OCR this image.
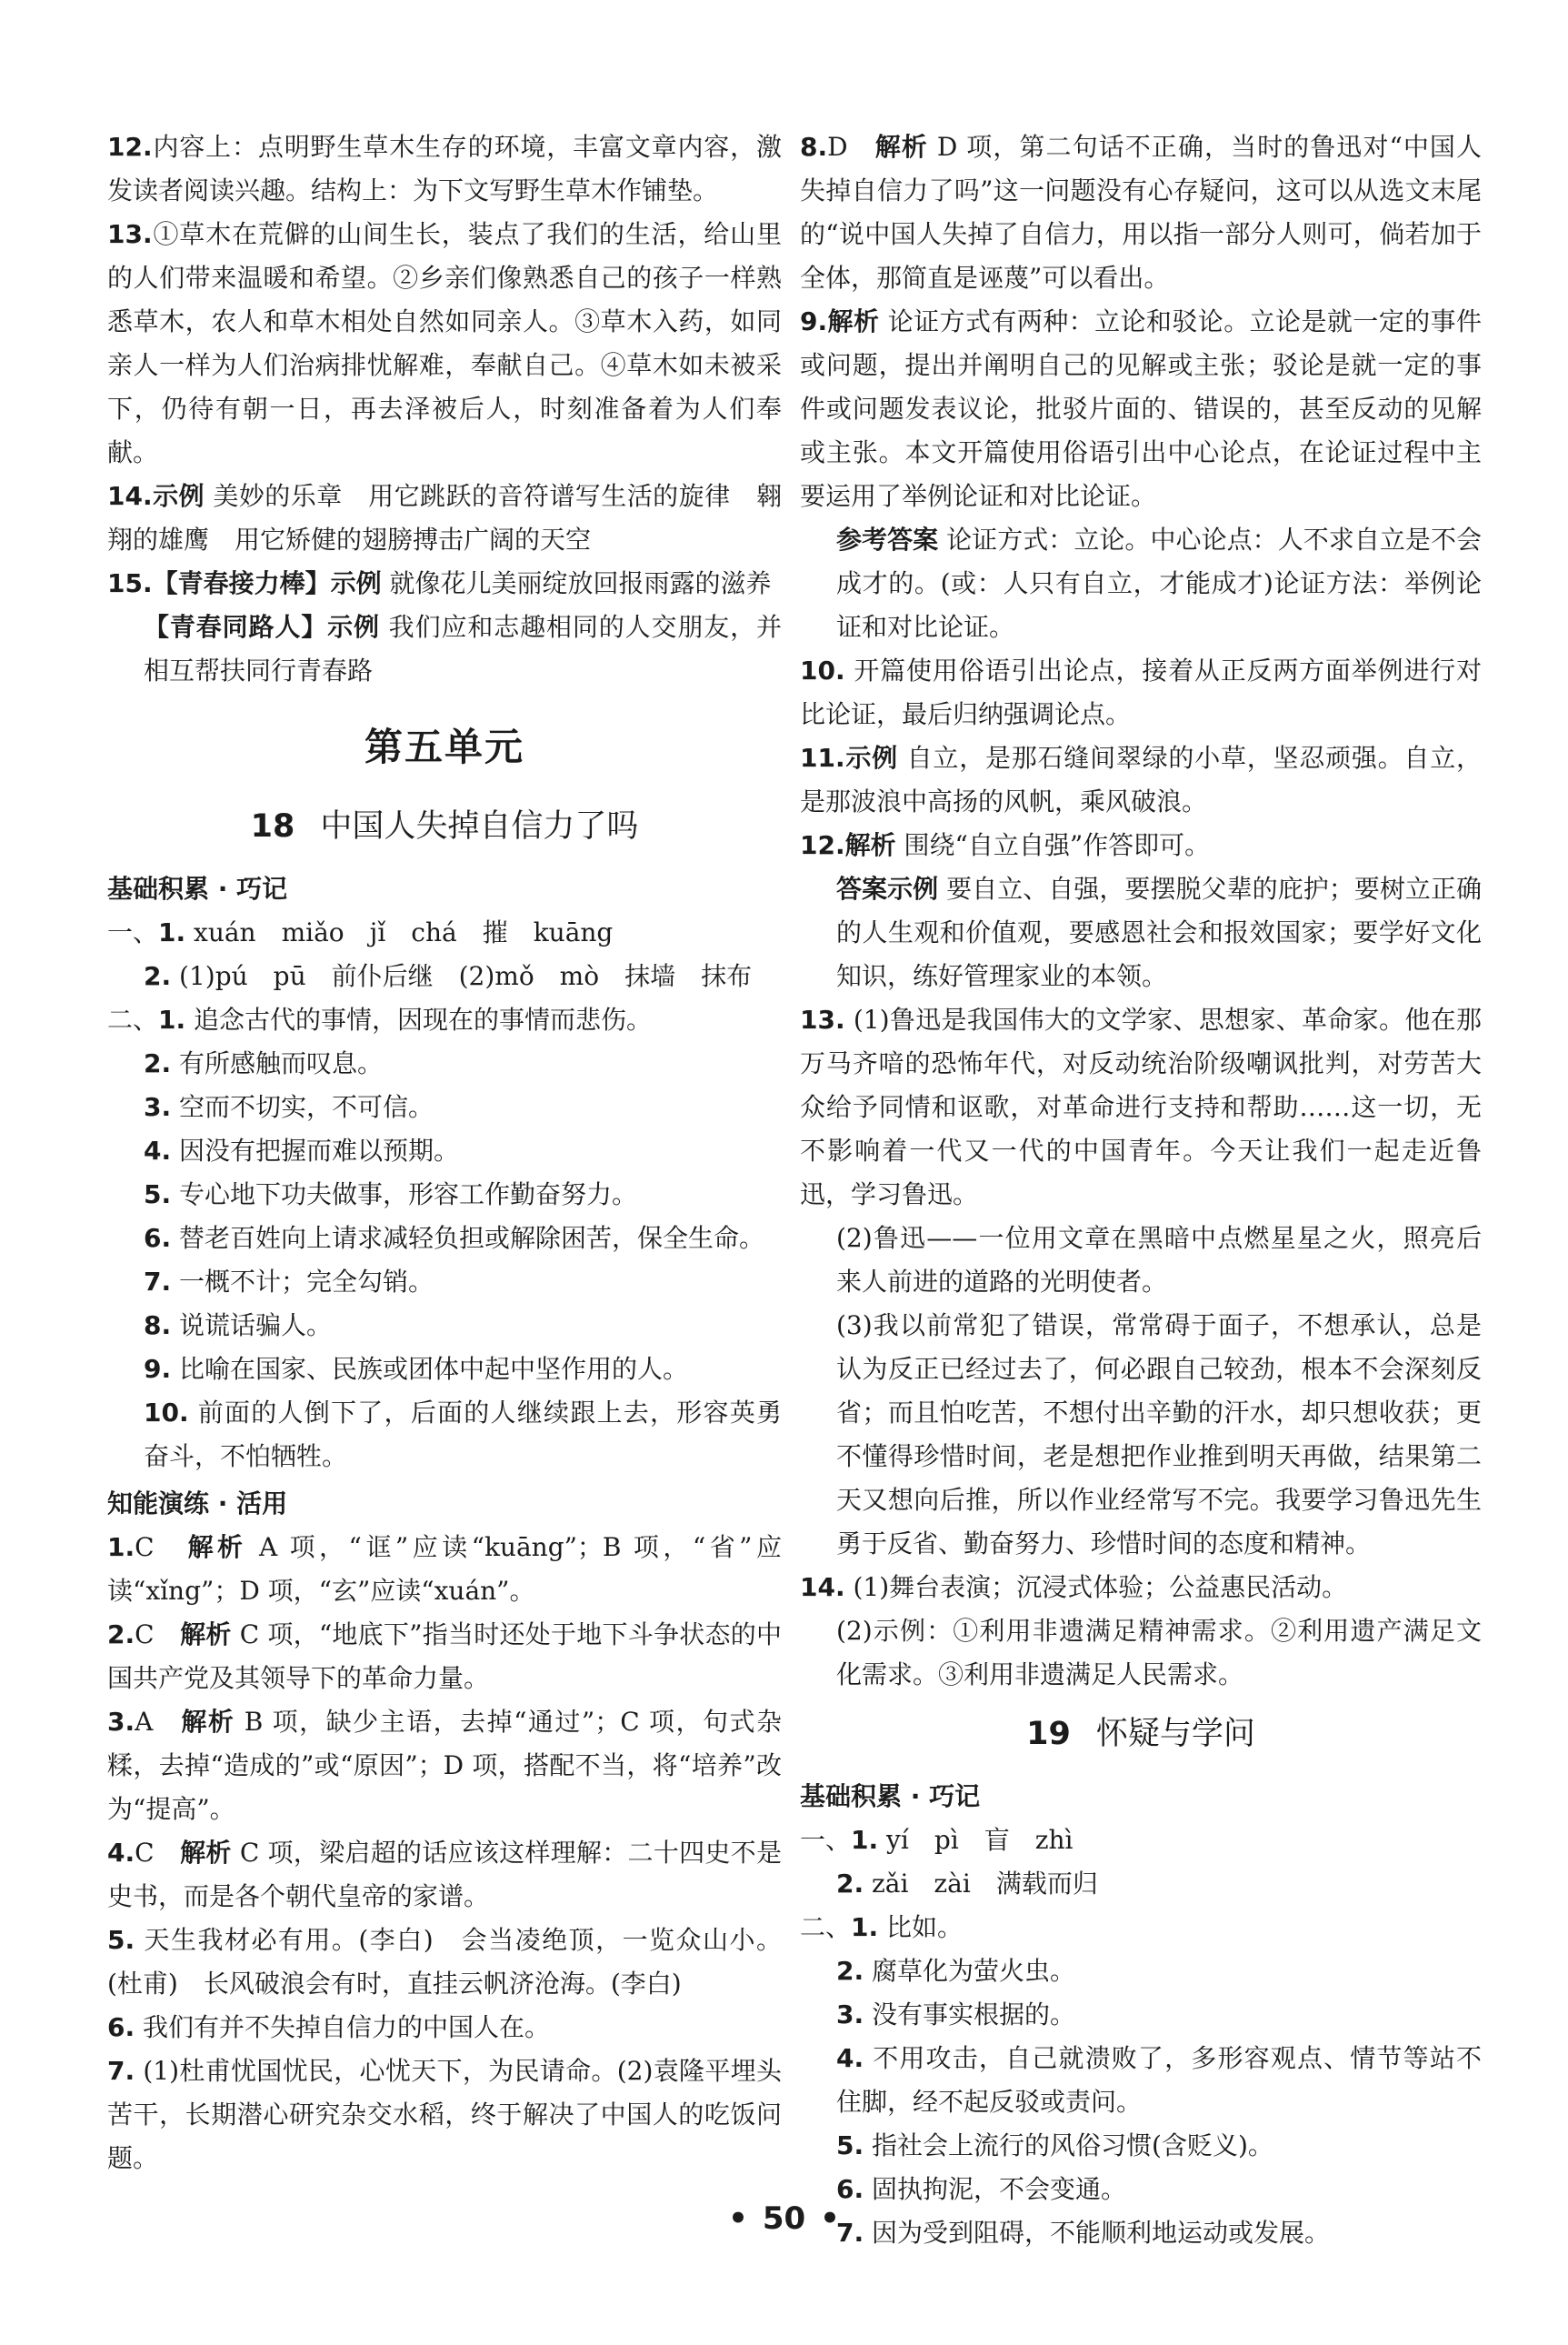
12.内容上：点明野生草木生存的环境，丰富文章内容，激发读者阅读兴趣。结构上：为下文写野生草木作铺垫。

13.①草木在荒僻的山间生长，装点了我们的生活，给山里的人们带来温暖和希望。②乡亲们像熟悉自己的孩子一样熟悉草木，农人和草木相处自然如同亲人。③草木入药，如同亲人一样为人们治病排忧解难，奉献自己。④草木如未被采下，仍待有朝一日，再去泽被后人，时刻准备着为人们奉献。

14.示例 美妙的乐章　用它跳跃的音符谱写生活的旋律　翱翔的雄鹰　用它矫健的翅膀搏击广阔的天空

15.【青春接力棒】示例 就像花儿美丽绽放回报雨露的滋养

【青春同路人】示例 我们应和志趣相同的人交朋友，并相互帮扶同行青春路

第五单元

18 中国人失掉自信力了吗

基础积累 · 巧记

一、1. xuán　miǎo　jǐ　chá　摧　kuāng

2. (1)pú　pū　前仆后继　(2)mǒ　mò　抹墙　抹布

二、1. 追念古代的事情，因现在的事情而悲伤。

2. 有所感触而叹息。

3. 空而不切实，不可信。

4. 因没有把握而难以预期。

5. 专心地下功夫做事，形容工作勤奋努力。

6. 替老百姓向上请求减轻负担或解除困苦，保全生命。

7. 一概不计；完全勾销。

8. 说谎话骗人。

9. 比喻在国家、民族或团体中起中坚作用的人。

10. 前面的人倒下了，后面的人继续跟上去，形容英勇奋斗，不怕牺牲。

知能演练 · 活用

1.C　 解析 A 项，“诓”应读“kuāng”；B 项，“省”应读“xǐng”；D 项，“玄”应读“xuán”。

2.C　 解析 C 项，“地底下”指当时还处于地下斗争状态的中国共产党及其领导下的革命力量。

3.A　 解析 B 项，缺少主语，去掉“通过”；C 项，句式杂糅，去掉“造成的”或“原因”；D 项，搭配不当，将“培养”改为“提高”。

4.C　 解析 C 项，梁启超的话应该这样理解：二十四史不是史书，而是各个朝代皇帝的家谱。

5. 天生我材必有用。(李白)　会当凌绝顶，一览众山小。(杜甫)　长风破浪会有时，直挂云帆济沧海。(李白)

6. 我们有并不失掉自信力的中国人在。

7. (1)杜甫忧国忧民，心忧天下，为民请命。(2)袁隆平埋头苦干，长期潜心研究杂交水稻，终于解决了中国人的吃饭问题。

8.D　 解析 D 项，第二句话不正确，当时的鲁迅对“中国人失掉自信力了吗”这一问题没有心存疑问，这可以从选文末尾的“说中国人失掉了自信力，用以指一部分人则可，倘若加于全体，那简直是诬蔑”可以看出。

9.解析 论证方式有两种：立论和驳论。立论是就一定的事件或问题，提出并阐明自己的见解或主张；驳论是就一定的事件或问题发表议论，批驳片面的、错误的，甚至反动的见解或主张。本文开篇使用俗语引出中心论点，在论证过程中主要运用了举例论证和对比论证。

参考答案 论证方式：立论。中心论点：人不求自立是不会成才的。(或：人只有自立，才能成才)论证方法：举例论证和对比论证。

10. 开篇使用俗语引出论点，接着从正反两方面举例进行对比论证，最后归纳强调论点。

11.示例 自立，是那石缝间翠绿的小草，坚忍顽强。自立，是那波浪中高扬的风帆，乘风破浪。

12.解析 围绕“自立自强”作答即可。

答案示例 要自立、自强，要摆脱父辈的庇护；要树立正确的人生观和价值观，要感恩社会和报效国家；要学好文化知识，练好管理家业的本领。

13. (1)鲁迅是我国伟大的文学家、思想家、革命家。他在那万马齐喑的恐怖年代，对反动统治阶级嘲讽批判，对劳苦大众给予同情和讴歌，对革命进行支持和帮助……这一切，无不影响着一代又一代的中国青年。今天让我们一起走近鲁迅，学习鲁迅。

(2)鲁迅——一位用文章在黑暗中点燃星星之火，照亮后来人前进的道路的光明使者。

(3)我以前常犯了错误，常常碍于面子，不想承认，总是认为反正已经过去了，何必跟自己较劲，根本不会深刻反省；而且怕吃苦，不想付出辛勤的汗水，却只想收获；更不懂得珍惜时间，老是想把作业推到明天再做，结果第二天又想向后推，所以作业经常写不完。我要学习鲁迅先生勇于反省、勤奋努力、珍惜时间的态度和精神。

14. (1)舞台表演；沉浸式体验；公益惠民活动。

(2)示例：①利用非遗满足精神需求。②利用遗产满足文化需求。③利用非遗满足人民需求。

19 怀疑与学问

基础积累 · 巧记

一、1. yí　pì　盲　zhì

2. zǎi　zài　满载而归

二、1. 比如。

2. 腐草化为萤火虫。

3. 没有事实根据的。

4. 不用攻击，自己就溃败了，多形容观点、情节等站不住脚，经不起反驳或责问。

5. 指社会上流行的风俗习惯(含贬义)。

6. 固执拘泥，不会变通。

7. 因为受到阻碍，不能顺利地运动或发展。

• 50 •
